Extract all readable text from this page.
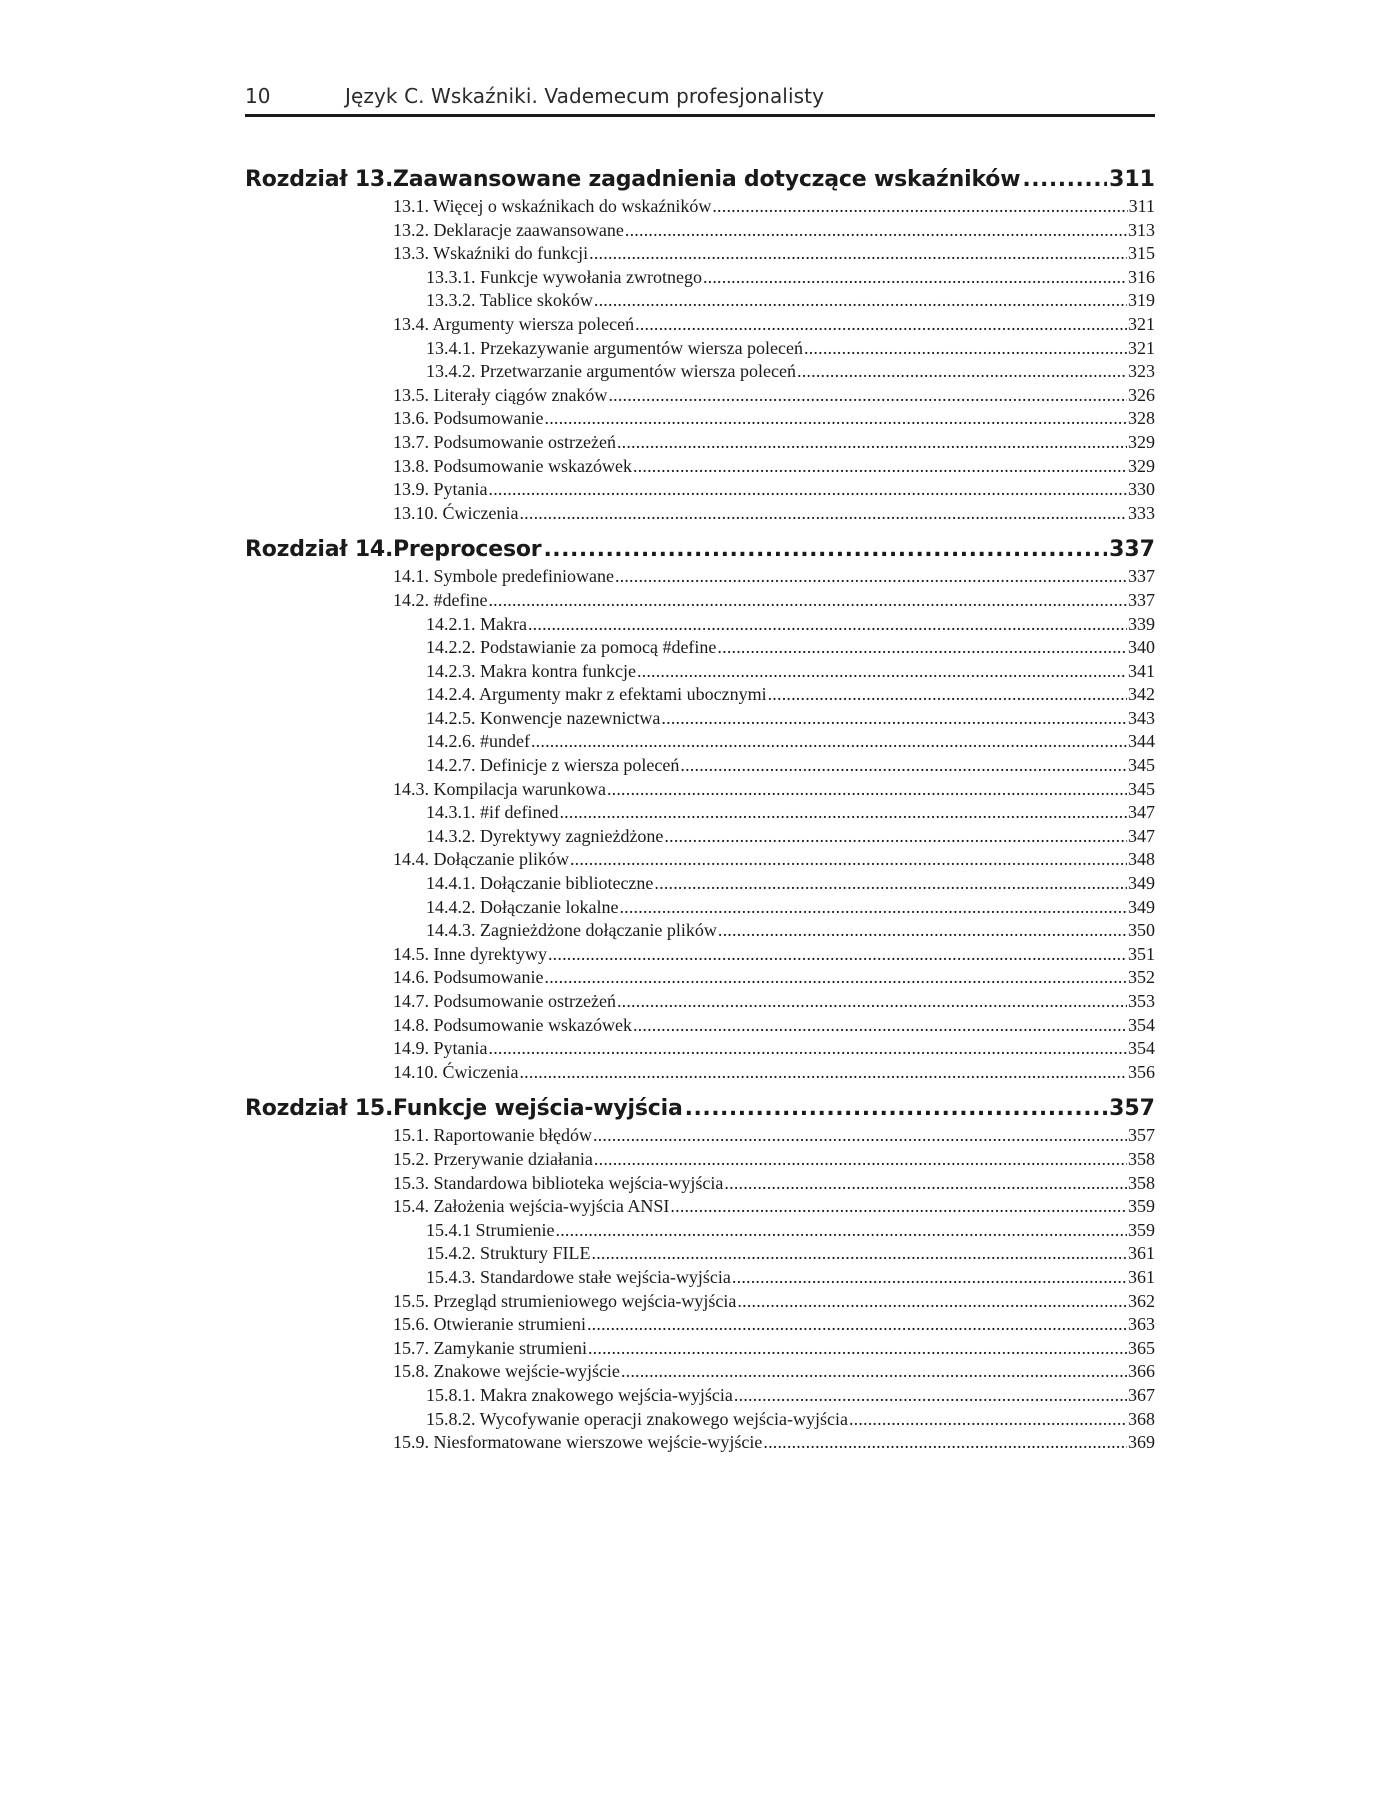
10	Język C. Wskaźniki. Vademecum profesjonalisty
Rozdział 13. Zaawansowane zagadnienia dotyczące wskaźników .....	311
13.1. Więcej o wskaźnikach do wskaźników .....	311
13.2. Deklaracje zaawansowane .....	313
13.3. Wskaźniki do funkcji .....	315
13.3.1. Funkcje wywołania zwrotnego .....	316
13.3.2. Tablice skoków .....	319
13.4. Argumenty wiersza poleceń .....	321
13.4.1. Przekazywanie argumentów wiersza poleceń .....	321
13.4.2. Przetwarzanie argumentów wiersza poleceń .....	323
13.5. Literały ciągów znaków .....	326
13.6. Podsumowanie .....	328
13.7. Podsumowanie ostrzeżeń .....	329
13.8. Podsumowanie wskazówek .....	329
13.9. Pytania .....	330
13.10. Ćwiczenia .....	333
Rozdział 14. Preprocesor .....	337
14.1. Symbole predefiniowane .....	337
14.2. #define .....	337
14.2.1. Makra .....	339
14.2.2. Podstawianie za pomocą #define .....	340
14.2.3. Makra kontra funkcje .....	341
14.2.4. Argumenty makr z efektami ubocznymi .....	342
14.2.5. Konwencje nazewnictwa .....	343
14.2.6. #undef .....	344
14.2.7. Definicje z wiersza poleceń .....	345
14.3. Kompilacja warunkowa .....	345
14.3.1. #if defined .....	347
14.3.2. Dyrektywy zagnieżdżone .....	347
14.4. Dołączanie plików .....	348
14.4.1. Dołączanie biblioteczne .....	349
14.4.2. Dołączanie lokalne .....	349
14.4.3. Zagnieżdżone dołączanie plików .....	350
14.5. Inne dyrektywy .....	351
14.6. Podsumowanie .....	352
14.7. Podsumowanie ostrzeżeń .....	353
14.8. Podsumowanie wskazówek .....	354
14.9. Pytania .....	354
14.10. Ćwiczenia .....	356
Rozdział 15. Funkcje wejścia-wyjścia .....	357
15.1. Raportowanie błędów .....	357
15.2. Przerywanie działania .....	358
15.3. Standardowa biblioteka wejścia-wyjścia .....	358
15.4. Założenia wejścia-wyjścia ANSI .....	359
15.4.1 Strumienie .....	359
15.4.2. Struktury FILE .....	361
15.4.3. Standardowe stałe wejścia-wyjścia .....	361
15.5. Przegląd strumieniowego wejścia-wyjścia .....	362
15.6. Otwieranie strumieni .....	363
15.7. Zamykanie strumieni .....	365
15.8. Znakowe wejście-wyjście .....	366
15.8.1. Makra znakowego wejścia-wyjścia .....	367
15.8.2. Wycofywanie operacji znakowego wejścia-wyjścia .....	368
15.9. Niesformatowane wierszowe wejście-wyjście .....	369
